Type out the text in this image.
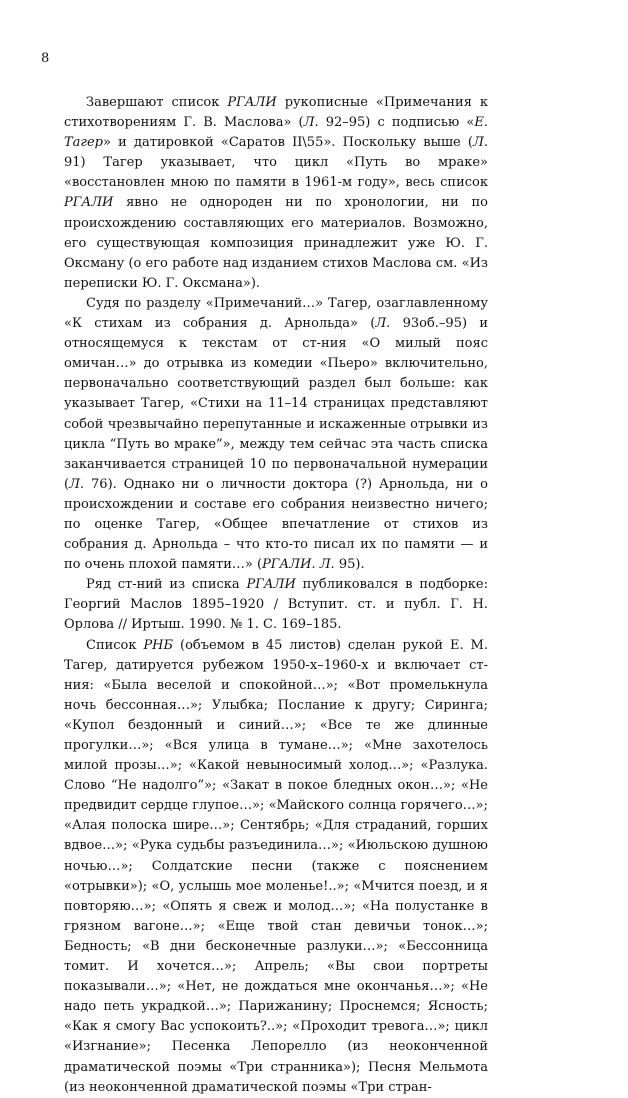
8

Завершают список РГАЛИ рукописные «Примечания к стихотворениям Г. В. Маслова» (Л. 92–95) с подписью «Е. Тагер» и датировкой «Саратов II\55». Поскольку выше (Л. 91) Тагер указывает, что цикл «Путь во мраке» «восстановлен мною по памяти в 1961-м году», весь список РГАЛИ явно не однороден ни по хронологии, ни по происхождению составляющих его материалов. Возможно, его существующая композиция принадлежит уже Ю. Г. Оксману (о его работе над изданием стихов Маслова см. «Из переписки Ю. Г. Оксмана»).

Судя по разделу «Примечаний…» Тагер, озаглавленному «К стихам из собрания д. Арнольда» (Л. 93об.–95) и относящемуся к текстам от ст-ния «О милый пояс омичан…» до отрывка из комедии «Пьеро» включительно, первоначально соответствующий раздел был больше: как указывает Тагер, «Стихи на 11–14 страницах представляют собой чрезвычайно перепутанные и искаженные отрывки из цикла “Путь во мраке”», между тем сейчас эта часть списка заканчивается страницей 10 по первоначальной нумерации (Л. 76). Однако ни о личности доктора (?) Арнольда, ни о происхождении и составе его собрания неизвестно ничего; по оценке Тагер, «Общее впечатление от стихов из собрания д. Арнольда – что кто-то писал их по памяти — и по очень плохой памяти…» (РГАЛИ. Л. 95).

Ряд ст-ний из списка РГАЛИ публиковался в подборке: Георгий Маслов 1895–1920 / Вступит. ст. и публ. Г. Н. Орлова // Иртыш. 1990. № 1. С. 169–185.

Список РНБ (объемом в 45 листов) сделан рукой Е. М. Тагер, датируется рубежом 1950-х–1960-х и включает ст-ния: «Была веселой и спокойной…»; «Вот промелькнула ночь бессонная…»; Улыбка; Послание к другу; Сиринга; «Купол бездонный и синий…»; «Все те же длинные прогулки…»; «Вся улица в тумане…»; «Мне захотелось милой прозы…»; «Какой невыносимый холод…»; «Разлука. Слово “Не надолго”»; «Закат в покое бледных окон…»; «Не предвидит сердце глупое…»; «Майского солнца горячего…»; «Алая полоска шире…»; Сентябрь; «Для страданий, горших вдвое…»; «Рука судьбы разъединила…»; «Июльскою душною ночью…»; Солдатские песни (также с пояснением «отрывки»); «О, услышь мое моленье!..»; «Мчится поезд, и я повторяю…»; «Опять я свеж и молод…»; «На полустанке в грязном вагоне…»; «Еще твой стан девичьи тонок…»; Бедность; «В дни бесконечные разлуки…»; «Бессонница томит. И хочется…»; Апрель; «Вы свои портреты показывали…»; «Нет, не дождаться мне окончанья…»; «Не надо петь украдкой…»; Парижанину; Проснемся; Ясность; «Как я смогу Вас успокоить?..»; «Проходит тревога…»; цикл «Изгнание»; Песенка Лепорелло (из неоконченной драматической поэмы «Три странника»); Песня Мельмота (из неоконченной драматической поэмы «Три стран-
